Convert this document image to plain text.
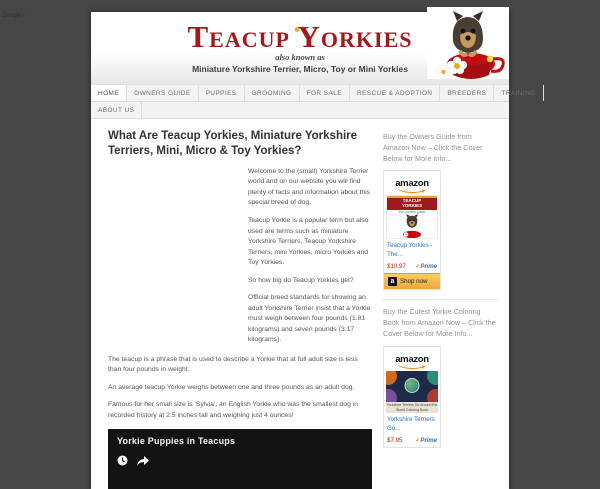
Google+
Teacup Yorkies
also known as
Miniature Yorkshire Terrier, Micro, Toy or Mini Yorkies
HOME	OWNERS GUIDE	PUPPIES	GROOMING	FOR SALE	RESCUE & ADOPTION	BREEDERS	TRAINING
ABOUT US
What Are Teacup Yorkies, Miniature Yorkshire Terriers, Mini, Micro & Toy Yorkies?

Welcome to the (small) Yorkshire Terrier world and on our website you will find plenty of facts and information about this special breed of dog.

Teacup Yorkie is a popular term but also used are terms such as miniature Yorkshire Terriers, Teacup Yorkshire Terriers, mini Yorkies, micro Yorkies and Toy Yorkies.

So how big do Teacup Yorkies get?

Official breed standards for showing an adult Yorkshire Terrier insist that a Yorkie must weigh between four pounds (1.81 kilograms) and seven pounds (3.17 kilograms).

The teacup is a phrase that is used to describe a Yorkie that at full adult size is less than four pounds in weight.

An average teacup Yorkie weighs between one and three pounds as an adult dog.

Famous for her small size is 'Sylvia', an English Yorkie who was the smallest dog in recorded history at 2.5 inches tall and weighing just 4 ounces!

Yorkie Puppies in Teacups
Buy the Owners Guide from Amazon Now – Click the Cover Below for More Info...
amazon
TEACUP
YORKIES
the owners guide
Teacup Yorkies - The...
$10.97 ✓Prime
a Shop now
Buy the Cutest Yorkie Coloring Book from Amazon Now – Click the Cover Below for More Info...
amazon
Yorkshire Terriers Go Around the World Coloring Book
Yorkshire Terriers Go...
$7.95 ✓Prime
